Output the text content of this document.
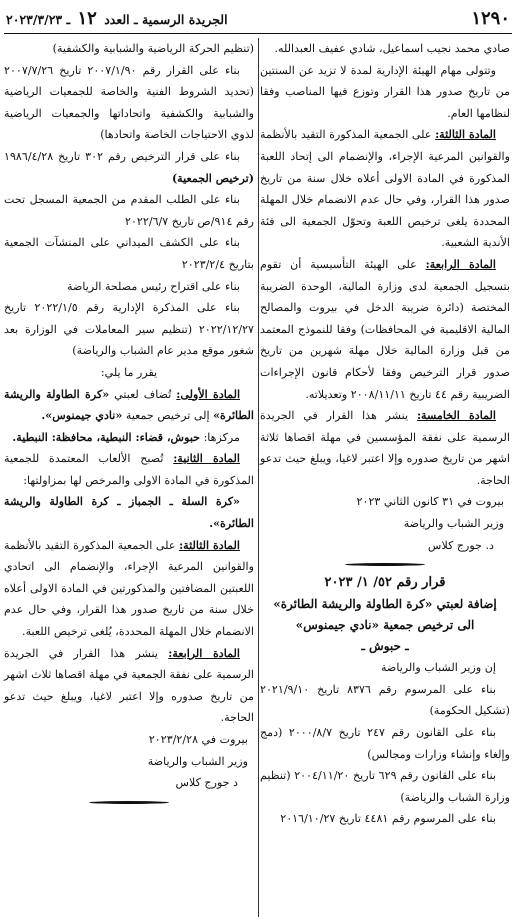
١٢٩٠
الجريدة الرسمية ـ العدد ١٢ ـ ٢٠٢٣/٣/٢٣

صادي محمد نجيب اسماعيل، شادي عفيف العبدالله.

وتتولى مهام الهيئة الإدارية لمدة لا تزيد عن السنتين من تاريخ صدور هذا القرار وتوزع فيها المناصب وفقا لنظامها العام.

المادة الثالثة: على الجمعية المذكورة التقيد بالأنظمة والقوانين المرعية الإجراء، والإنضمام الى إتحاد اللعبة المذكورة في المادة الاولى أعلاه خلال سنة من تاريخ صدور هذا القرار، وفي حال عدم الانضمام خلال المهلة المحددة يلغى ترخيص اللعبة وتحوّل الجمعية الى فئة الأندية الشعبية.

المادة الرابعة: على الهيئة التأسيسية أن تقوم بتسجيل الجمعية لدى وزارة المالية، الوحدة الضريبة المختصة (دائرة ضريبة الدخل في بيروت والمصالح المالية الاقليمية في المحافظات) وفقا للنموذج المعتمد من قبل وزارة المالية خلال مهلة شهرين من تاريخ صدور قرار الترخيص وفقا لأحكام قانون الإجراءات الضريبية رقم ٤٤ تاريخ ٢٠٠٨/١١/١١ وتعديلاته.

المادة الخامسة: ينشر هذا القرار في الجريدة الرسمية على نفقة المؤسسين في مهلة اقصاها ثلاثة اشهر من تاريخ صدوره وإلا اعتبر لاغيا، ويبلغ حيث تدعو الحاجة.

بيروت في ٣١ كانون الثاني ٢٠٢٣

وزير الشباب والرياضة

د. جورج كلاس

قرار رقم ٥٢/ ١/ ٢٠٢٣

إضافة لعبتي «كرة الطاولة والريشة الطائرة»

الى ترخيص جمعية «نادي جيمنوس»

ـ حبوش ـ

إن وزير الشباب والرياضة

بناء على المرسوم رقم ٨٣٧٦ تاريخ ٢٠٢١/٩/١٠ (تشكيل الحكومة)

بناء على القانون رقم ٢٤٧ تاريخ ٢٠٠٠/٨/٧ (دمج وإلغاء وإنشاء وزارات ومجالس)

بناء على القانون رقم ٦٢٩ تاريخ ٢٠٠٤/١١/٢٠ (تنظيم وزارة الشباب والرياضة)

بناء على المرسوم رقم ٤٤٨١ تاريخ ٢٠١٦/١٠/٢٧

(تنظيم الحركة الرياضية والشبابية والكشفية)

بناء على القرار رقم ٢٠٠٧/١/٩٠ تاريخ ٢٠٠٧/٧/٢٦ (تحديد الشروط الفنية والخاصة للجمعيات الرياضية والشبابية والكشفية واتحاداتها والجمعيات الرياضية لذوي الاحتياجات الخاصة واتحادها)

بناء على قرار الترخيص رقم ٣٠٢ تاريخ ١٩٨٦/٤/٢٨ (ترخيص الجمعية)

بناء على الطلب المقدم من الجمعية المسجل تحت رقم ٩١٤/ص تاريخ ٢٠٢٢/٦/٧

بناء على الكشف الميداني على المنشآت الجمعية بتاريخ ٢٠٢٣/٢/٤

بناء على اقتراح رئيس مصلحة الرياضة

بناء على المذكرة الإدارية رقم ٢٠٢٢/١/٥ تاريخ ٢٠٢٢/١٢/٢٧ (تنظيم سير المعاملات في الوزارة بعد شغور موقع مدير عام الشباب والرياضة)

يقرر ما يلي:

المادة الأولى: تُضاف لعبتي «كرة الطاولة والريشة الطائرة» إلى ترخيص جمعية «نادي جيمنوس».

مركزها: حبوش، قضاء: النبطية، محافظة: النبطية.

المادة الثانية: تُصبح الألعاب المعتمدة للجمعية المذكورة في المادة الاولى والمرخص لها بمزاولتها:

«كرة السلة ـ الجمباز ـ كرة الطاولة والريشة الطائرة».

المادة الثالثة: على الجمعية المذكورة التقيد بالأنظمة والقوانين المرعية الإجراء، والإنضمام الى اتحادي اللعبتين المضافتين والمذكورتين في المادة الاولى أعلاه خلال سنة من تاريخ صدور هذا القرار، وفي حال عدم الانضمام خلال المهلة المحددة، يُلغى ترخيص اللعبة.

المادة الرابعة: ينشر هذا القرار في الجريدة الرسمية على نفقة الجمعية في مهلة اقصاها ثلاث اشهر من تاريخ صدوره وإلا اعتبر لاغيا، ويبلغ حيث تدعو الحاجة.

بيروت في ٢٠٢٣/٢/٢٨

وزير الشباب والرياضة

د جورج كلاس
